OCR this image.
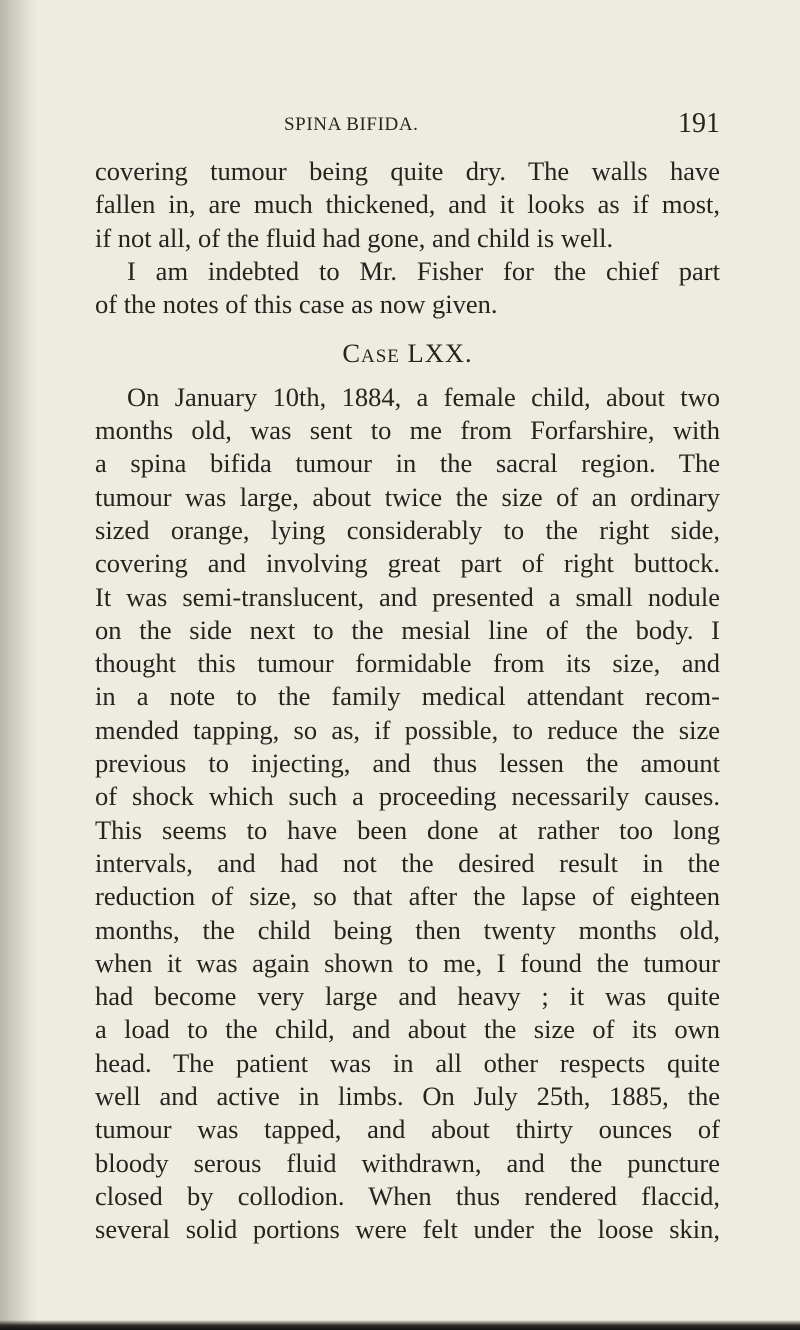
SPINA BIFIDA.	191
covering tumour being quite dry. The walls have
fallen in, are much thickened, and it looks as if most,
if not all, of the fluid had gone, and child is well.
I am indebted to Mr. Fisher for the chief part
of the notes of this case as now given.
Case LXX.
On January 10th, 1884, a female child, about two
months old, was sent to me from Forfarshire, with
a spina bifida tumour in the sacral region. The
tumour was large, about twice the size of an ordinary
sized orange, lying considerably to the right side,
covering and involving great part of right buttock.
It was semi-translucent, and presented a small nodule
on the side next to the mesial line of the body. I
thought this tumour formidable from its size, and
in a note to the family medical attendant recom-
mended tapping, so as, if possible, to reduce the size
previous to injecting, and thus lessen the amount
of shock which such a proceeding necessarily causes.
This seems to have been done at rather too long
intervals, and had not the desired result in the
reduction of size, so that after the lapse of eighteen
months, the child being then twenty months old,
when it was again shown to me, I found the tumour
had become very large and heavy ; it was quite
a load to the child, and about the size of its own
head. The patient was in all other respects quite
well and active in limbs. On July 25th, 1885, the
tumour was tapped, and about thirty ounces of
bloody serous fluid withdrawn, and the puncture
closed by collodion. When thus rendered flaccid,
several solid portions were felt under the loose skin,
